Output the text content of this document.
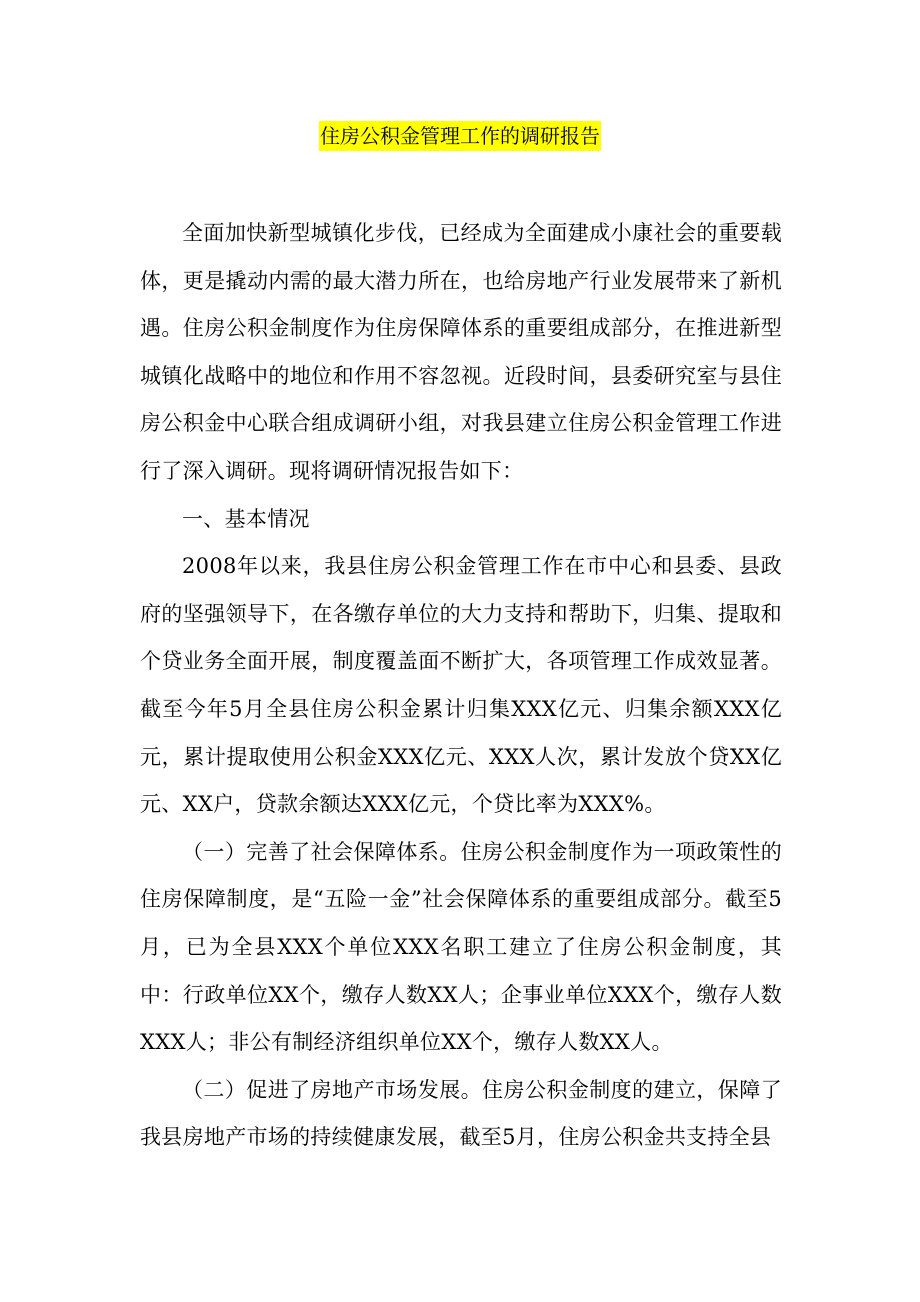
住房公积金管理工作的调研报告

全面加快新型城镇化步伐，已经成为全面建成小康社会的重要载体，更是撬动内需的最大潜力所在，也给房地产行业发展带来了新机遇。住房公积金制度作为住房保障体系的重要组成部分，在推进新型城镇化战略中的地位和作用不容忽视。近段时间，县委研究室与县住房公积金中心联合组成调研小组，对我县建立住房公积金管理工作进行了深入调研。现将调研情况报告如下：

一、基本情况

2008年以来，我县住房公积金管理工作在市中心和县委、县政府的坚强领导下，在各缴存单位的大力支持和帮助下，归集、提取和个贷业务全面开展，制度覆盖面不断扩大，各项管理工作成效显著。截至今年5月全县住房公积金累计归集XXX亿元、归集余额XXX亿元，累计提取使用公积金XXX亿元、XXX人次，累计发放个贷XX亿元、XX户，贷款余额达XXX亿元，个贷比率为XXX%。

（一）完善了社会保障体系。住房公积金制度作为一项政策性的住房保障制度，是“五险一金”社会保障体系的重要组成部分。截至5月，已为全县XXX个单位XXX名职工建立了住房公积金制度，其中：行政单位XX个，缴存人数XX人；企事业单位XXX个，缴存人数XXX人；非公有制经济组织单位XX个，缴存人数XX人。

（二）促进了房地产市场发展。住房公积金制度的建立，保障了我县房地产市场的持续健康发展，截至5月，住房公积金共支持全县
